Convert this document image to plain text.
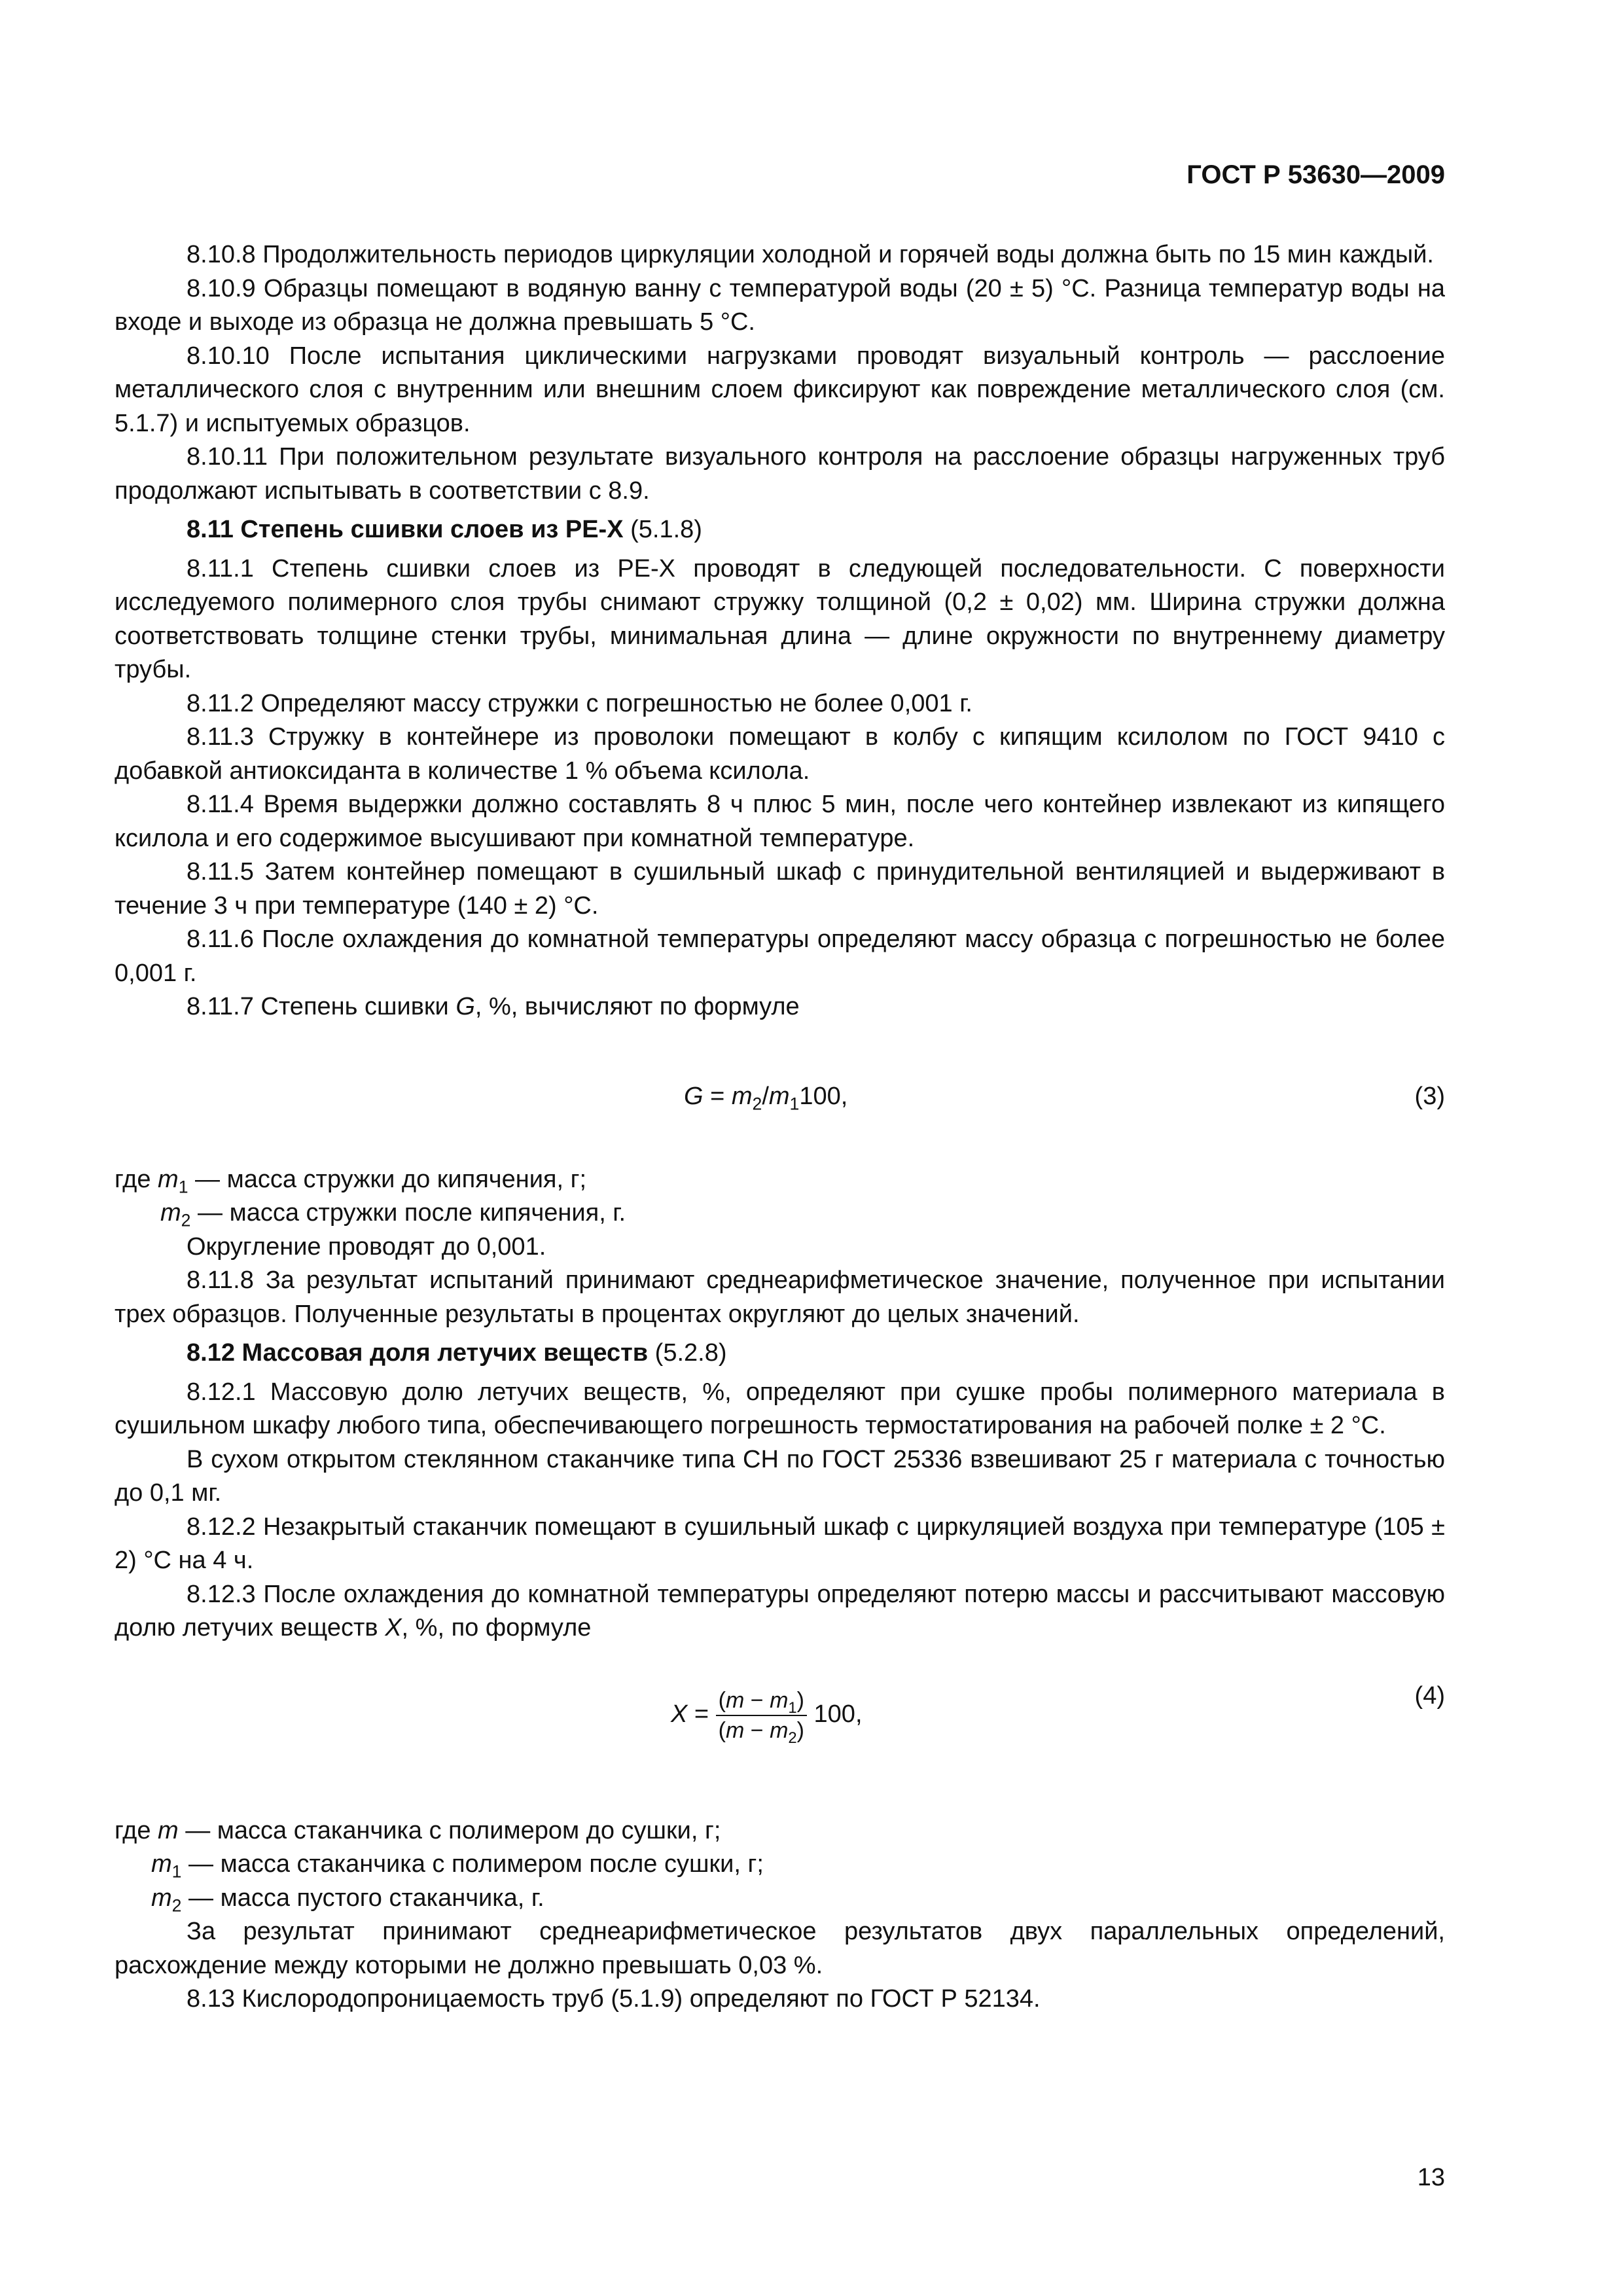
ГОСТ Р 53630—2009

8.10.8 Продолжительность периодов циркуляции холодной и горячей воды должна быть по 15 мин каждый.

8.10.9 Образцы помещают в водяную ванну с температурой воды (20 ± 5) °С. Разница температур воды на входе и выходе из образца не должна превышать 5 °С.

8.10.10 После испытания циклическими нагрузками проводят визуальный контроль — расслоение металлического слоя с внутренним или внешним слоем фиксируют как повреждение металлического слоя (см. 5.1.7) и испытуемых образцов.

8.10.11 При положительном результате визуального контроля на расслоение образцы нагруженных труб продолжают испытывать в соответствии с 8.9.

8.11 Степень сшивки слоев из РЕ-Х (5.1.8)

8.11.1 Степень сшивки слоев из РЕ-Х проводят в следующей последовательности. С поверхности исследуемого полимерного слоя трубы снимают стружку толщиной (0,2 ± 0,02) мм. Ширина стружки должна соответствовать толщине стенки трубы, минимальная длина — длине окружности по внутреннему диаметру трубы.

8.11.2 Определяют массу стружки с погрешностью не более 0,001 г.

8.11.3 Стружку в контейнере из проволоки помещают в колбу с кипящим ксилолом по ГОСТ 9410 с добавкой антиоксиданта в количестве 1 % объема ксилола.

8.11.4 Время выдержки должно составлять 8 ч плюс 5 мин, после чего контейнер извлекают из кипящего ксилола и его содержимое высушивают при комнатной температуре.

8.11.5 Затем контейнер помещают в сушильный шкаф с принудительной вентиляцией и выдерживают в течение 3 ч при температуре (140 ± 2) °С.

8.11.6 После охлаждения до комнатной температуры определяют массу образца с погрешностью не более 0,001 г.

8.11.7 Степень сшивки G, %, вычисляют по формуле

$G = m_2/m_1100$,	(3)

где $m_1$ — масса стружки до кипячения, г;

$m_2$ — масса стружки после кипячения, г.

Округление проводят до 0,001.

8.11.8 За результат испытаний принимают среднеарифметическое значение, полученное при испытании трех образцов. Полученные результаты в процентах округляют до целых значений.

8.12 Массовая доля летучих веществ (5.2.8)

8.12.1 Массовую долю летучих веществ, %, определяют при сушке пробы полимерного материала в сушильном шкафу любого типа, обеспечивающего погрешность термостатирования на рабочей полке ± 2 °С.

В сухом открытом стеклянном стаканчике типа СН по ГОСТ 25336 взвешивают 25 г материала с точностью до 0,1 мг.

8.12.2 Незакрытый стаканчик помещают в сушильный шкаф с циркуляцией воздуха при температуре (105 ± 2) °С на 4 ч.

8.12.3 После охлаждения до комнатной температуры определяют потерю массы и рассчитывают массовую долю летучих веществ X, %, по формуле

$X = \frac{(m - m_1)}{(m - m_2)} 100$,
(4)

где m — масса стаканчика с полимером до сушки, г;

$m_1$ — масса стаканчика с полимером после сушки, г;

$m_2$ — масса пустого стаканчика, г.

За результат принимают среднеарифметическое результатов двух параллельных определений, расхождение между которыми не должно превышать 0,03 %.

8.13 Кислородопроницаемость труб (5.1.9) определяют по ГОСТ Р 52134.

13
